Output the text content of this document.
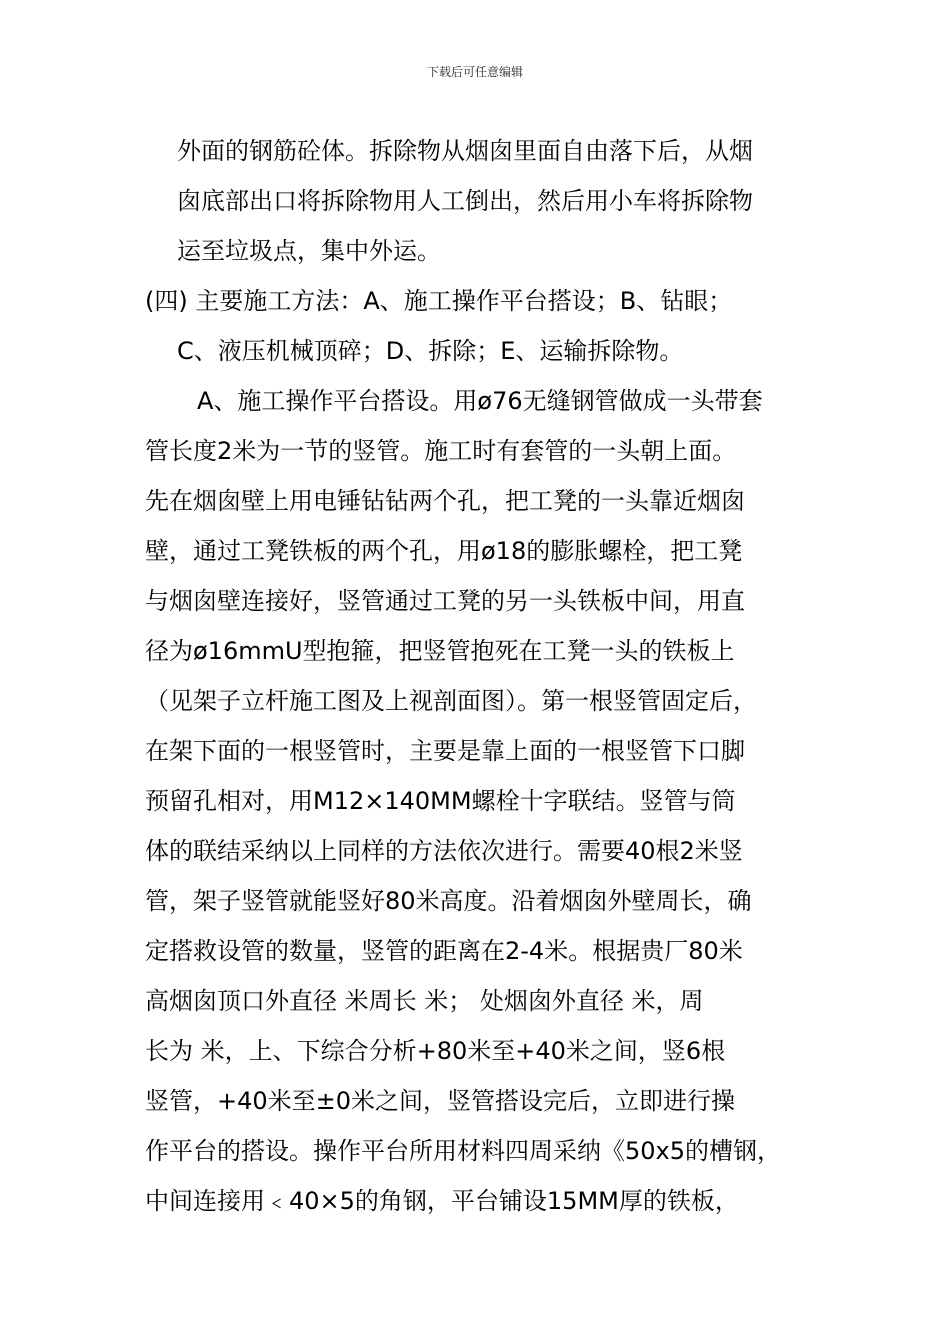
下载后可任意编辑
外面的钢筋砼体。拆除物从烟囱里面自由落下后，从烟
囱底部出口将拆除物用人工倒出，然后用小车将拆除物
运至垃圾点，集中外运。
(四) 主要施工方法：A、施工操作平台搭设；B、钻眼；
C、液压机械顶碎；D、拆除；E、运输拆除物。
A、施工操作平台搭设。用ø76无缝钢管做成一头带套
管长度2米为一节的竖管。施工时有套管的一头朝上面。
先在烟囱壁上用电锤钻钻两个孔，把工凳的一头靠近烟囱
壁，通过工凳铁板的两个孔，用ø18的膨胀螺栓，把工凳
与烟囱壁连接好，竖管通过工凳的另一头铁板中间，用直
径为ø16mmU型抱箍，把竖管抱死在工凳一头的铁板上
（见架子立杆施工图及上视剖面图）。第一根竖管固定后，
在架下面的一根竖管时，主要是靠上面的一根竖管下口脚
预留孔相对，用M12×140MM螺栓十字联结。竖管与筒
体的联结采纳以上同样的方法依次进行。需要40根2米竖
管，架子竖管就能竖好80米高度。沿着烟囱外壁周长，确
定搭救设管的数量，竖管的距离在2-4米。根据贵厂80米
高烟囱顶口外直径 米周长 米； 处烟囱外直径 米，周
长为 米，上、下综合分析+80米至+40米之间，竖6根
竖管，+40米至±0米之间，竖管搭设完后，立即进行操
作平台的搭设。操作平台所用材料四周采纳《50x5的槽钢，
中间连接用﹤40×5的角钢，平台铺设15MM厚的铁板，
